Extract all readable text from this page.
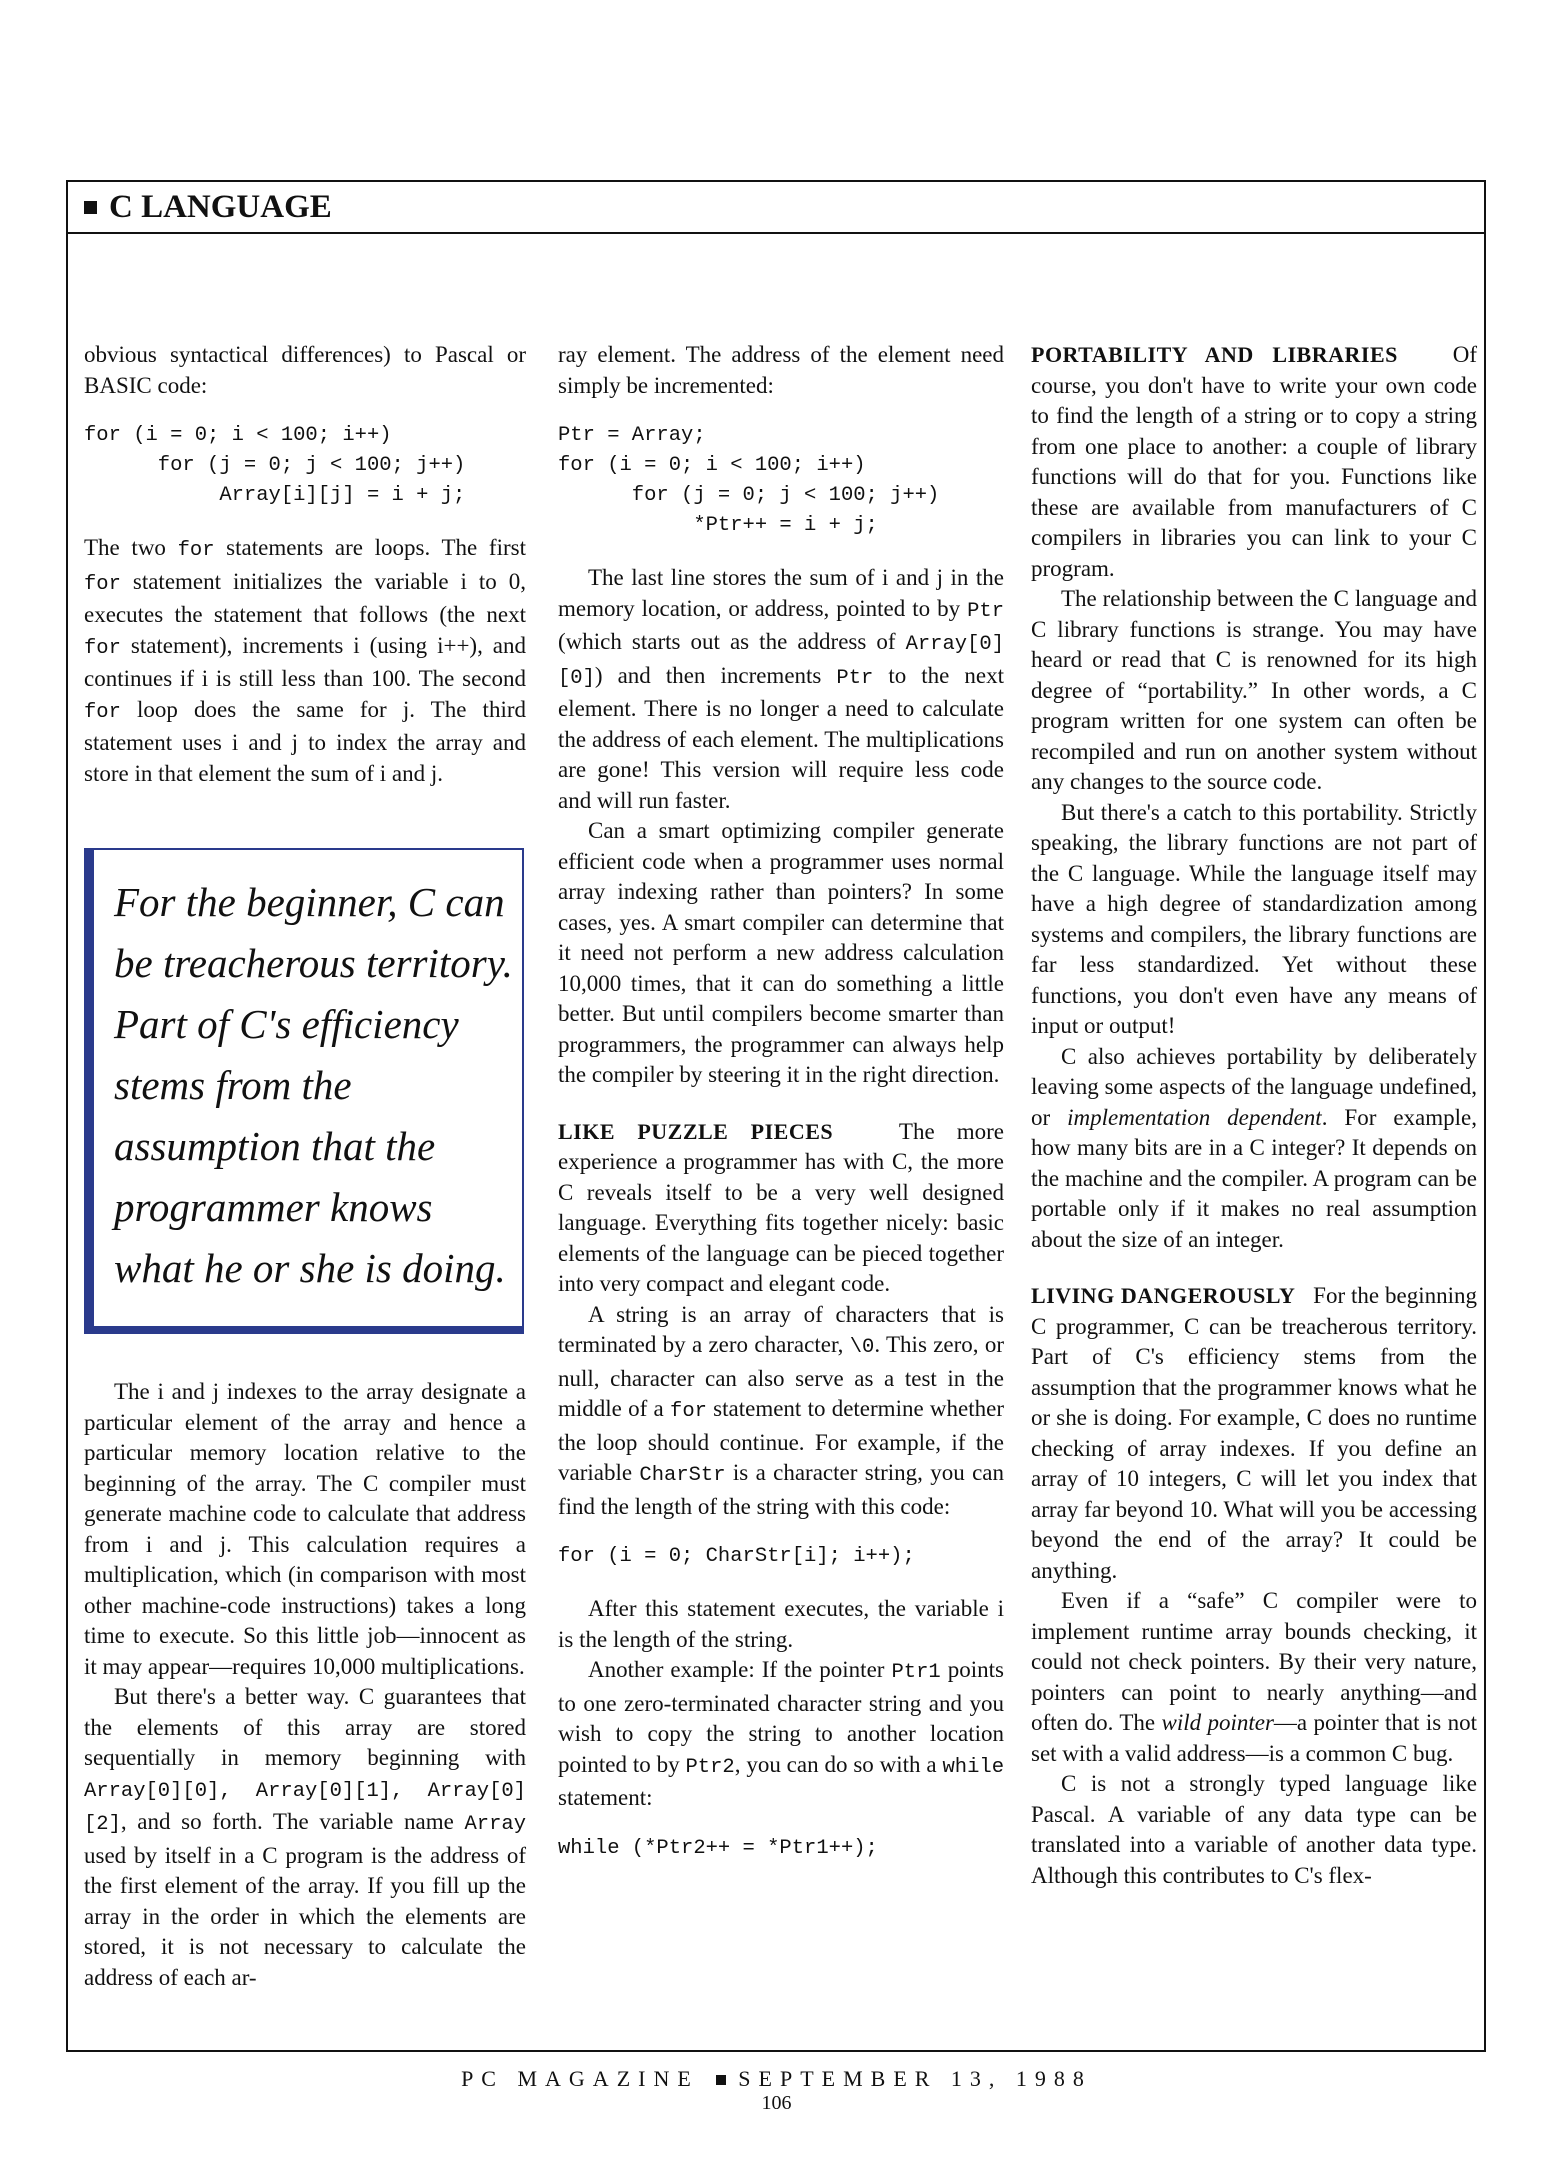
C LANGUAGE

obvious syntactical differences) to Pascal or BASIC code:

for (i = 0; i < 100; i++)
for (j = 0; j < 100; j++)
Array[i][j] = i + j;

The two for statements are loops. The first for statement initializes the variable i to 0, executes the statement that follows (the next for statement), increments i (using i++), and continues if i is still less than 100. The second for loop does the same for j. The third statement uses i and j to index the array and store in that element the sum of i and j.

For the beginner, C can be treacherous territory. Part of C's efficiency stems from the assumption that the programmer knows what he or she is doing.

The i and j indexes to the array designate a particular element of the array and hence a particular memory location relative to the beginning of the array. The C compiler must generate machine code to calculate that address from i and j. This calculation requires a multiplication, which (in comparison with most other machine-code instructions) takes a long time to execute. So this little job—innocent as it may appear—requires 10,000 multiplications.

But there's a better way. C guarantees that the elements of this array are stored sequentially in memory beginning with Array[0][0], Array[0][1], Array[0][2], and so forth. The variable name Array used by itself in a C program is the address of the first element of the array. If you fill up the array in the order in which the elements are stored, it is not necessary to calculate the address of each ar-

ray element. The address of the element need simply be incremented:

Ptr = Array;
for (i = 0; i < 100; i++)
for (j = 0; j < 100; j++)
*Ptr++ = i + j;

The last line stores the sum of i and j in the memory location, or address, pointed to by Ptr (which starts out as the address of Array[0][0]) and then increments Ptr to the next element. There is no longer a need to calculate the address of each element. The multiplications are gone! This version will require less code and will run faster.

Can a smart optimizing compiler generate efficient code when a programmer uses normal array indexing rather than pointers? In some cases, yes. A smart compiler can determine that it need not perform a new address calculation 10,000 times, that it can do something a little better. But until compilers become smarter than programmers, the programmer can always help the compiler by steering it in the right direction.

LIKE PUZZLE PIECES	The more experience a programmer has with C, the more C reveals itself to be a very well designed language. Everything fits together nicely: basic elements of the language can be pieced together into very compact and elegant code.

A string is an array of characters that is terminated by a zero character, \0. This zero, or null, character can also serve as a test in the middle of a for statement to determine whether the loop should continue. For example, if the variable CharStr is a character string, you can find the length of the string with this code:

for (i = 0; CharStr[i]; i++);

After this statement executes, the variable i is the length of the string.

Another example: If the pointer Ptr1 points to one zero-terminated character string and you wish to copy the string to another location pointed to by Ptr2, you can do so with a while statement:

while (*Ptr2++ = *Ptr1++);

PORTABILITY AND LIBRARIES Of course, you don't have to write your own code to find the length of a string or to copy a string from one place to another: a couple of library functions will do that for you. Functions like these are available from manufacturers of C compilers in libraries you can link to your C program.

The relationship between the C language and C library functions is strange. You may have heard or read that C is renowned for its high degree of “portability.” In other words, a C program written for one system can often be recompiled and run on another system without any changes to the source code.

But there's a catch to this portability. Strictly speaking, the library functions are not part of the C language. While the language itself may have a high degree of standardization among systems and compilers, the library functions are far less standardized. Yet without these functions, you don't even have any means of input or output!

C also achieves portability by deliberately leaving some aspects of the language undefined, or implementation dependent. For example, how many bits are in a C integer? It depends on the machine and the compiler. A program can be portable only if it makes no real assumption about the size of an integer.

LIVING DANGEROUSLY For the beginning C programmer, C can be treacherous territory. Part of C's efficiency stems from the assumption that the programmer knows what he or she is doing. For example, C does no runtime checking of array indexes. If you define an array of 10 integers, C will let you index that array far beyond 10. What will you be accessing beyond the end of the array? It could be anything.

Even if a “safe” C compiler were to implement runtime array bounds checking, it could not check pointers. By their very nature, pointers can point to nearly anything—and often do. The wild pointer—a pointer that is not set with a valid address—is a common C bug.

C is not a strongly typed language like Pascal. A variable of any data type can be translated into a variable of another data type. Although this contributes to C's flex-

PC MAGAZINE SEPTEMBER 13, 1988
106
